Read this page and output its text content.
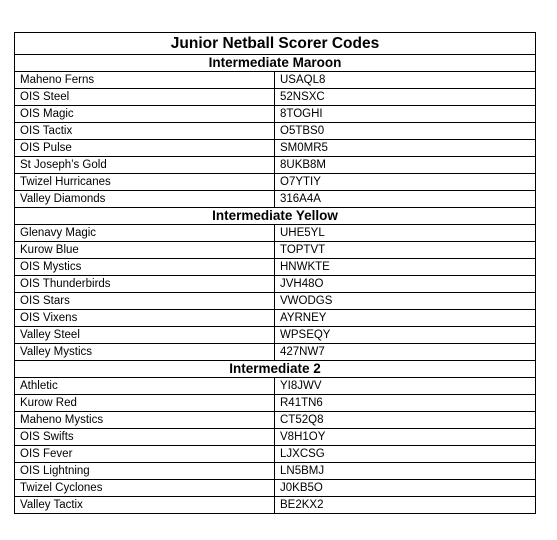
Junior Netball Scorer Codes	
Intermediate Maroon	
Maheno Ferns	USAQL8
OIS Steel	52NSXC
OIS Magic	8TOGHI
OIS Tactix	O5TBS0
OIS Pulse	SM0MR5
St Joseph’s Gold	8UKB8M
Twizel Hurricanes	O7YTIY
Valley Diamonds	316A4A
Intermediate Yellow	
Glenavy Magic	UHE5YL
Kurow Blue	TOPTVT
OIS Mystics	HNWKTE
OIS Thunderbirds	JVH48O
OIS Stars	VWODGS
OIS Vixens	AYRNEY
Valley Steel	WPSEQY
Valley Mystics	427NW7
Intermediate 2	
Athletic	YI8JWV
Kurow Red	R41TN6
Maheno Mystics	CT52Q8
OIS Swifts	V8H1OY
OIS Fever	LJXCSG
OIS Lightning	LN5BMJ
Twizel Cyclones	J0KB5O
Valley Tactix	BE2KX2
